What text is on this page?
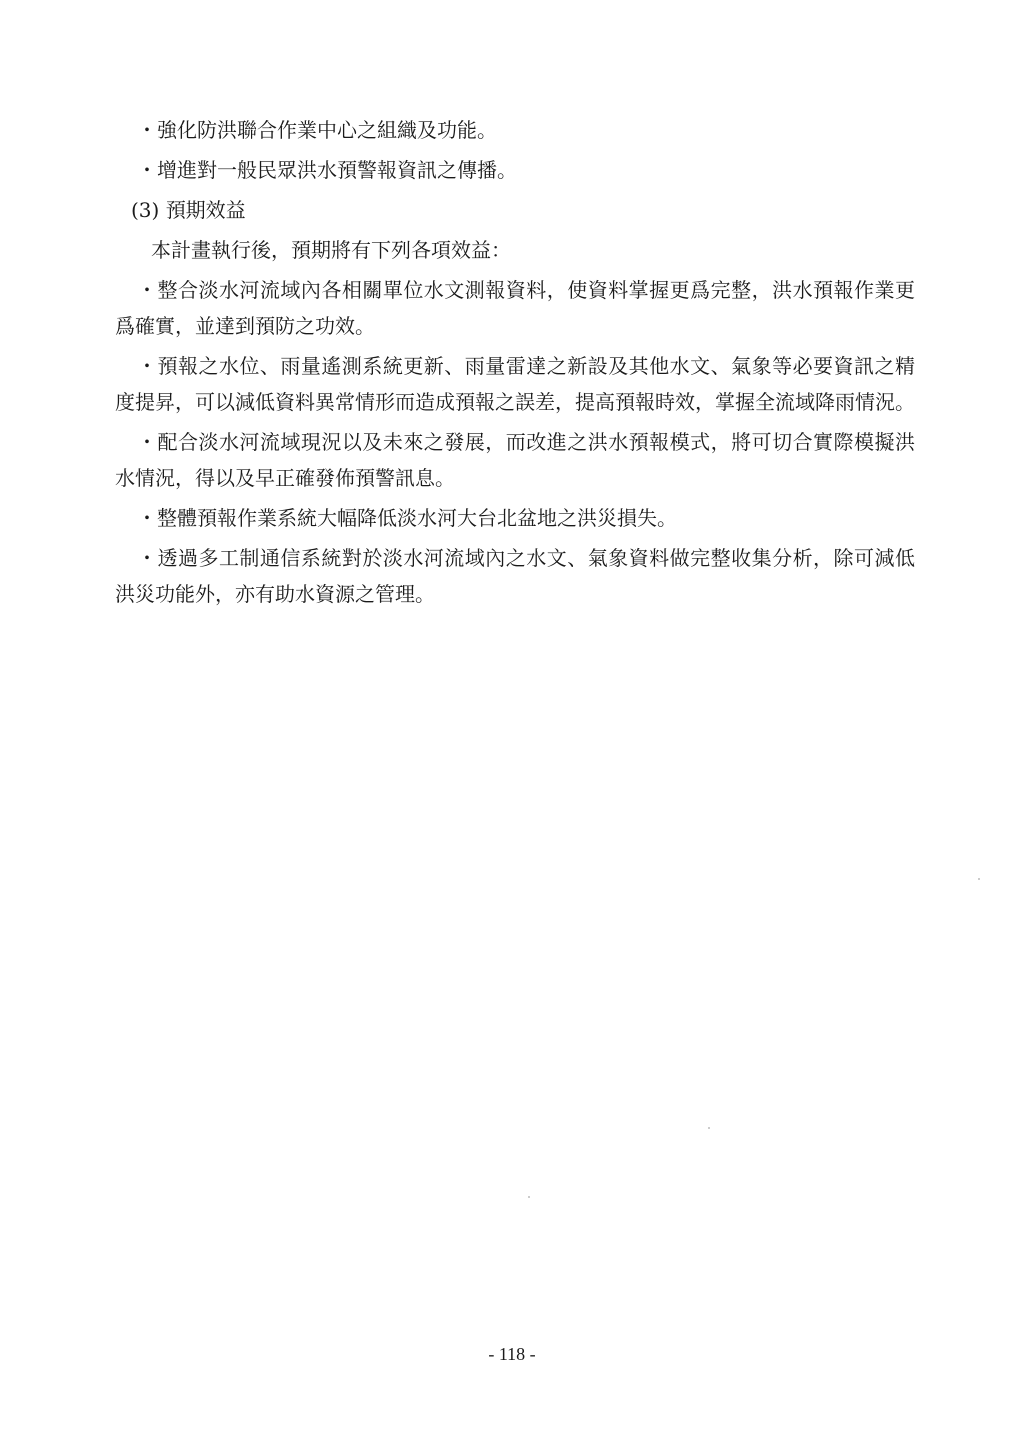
・強化防洪聯合作業中心之組織及功能。

・增進對一般民眾洪水預警報資訊之傳播。

(3) 預期效益

本計畫執行後，預期將有下列各項效益：

・整合淡水河流域內各相關單位水文測報資料，使資料掌握更爲完整，洪水預報作業更爲確實，並達到預防之功效。

・預報之水位、雨量遙測系統更新、雨量雷達之新設及其他水文、氣象等必要資訊之精度提昇，可以減低資料異常情形而造成預報之誤差，提高預報時效，掌握全流域降雨情況。

・配合淡水河流域現況以及未來之發展，而改進之洪水預報模式，將可切合實際模擬洪水情況，得以及早正確發佈預警訊息。

・整體預報作業系統大幅降低淡水河大台北盆地之洪災損失。

・透過多工制通信系統對於淡水河流域內之水文、氣象資料做完整收集分析，除可減低洪災功能外，亦有助水資源之管理。

- 118 -
